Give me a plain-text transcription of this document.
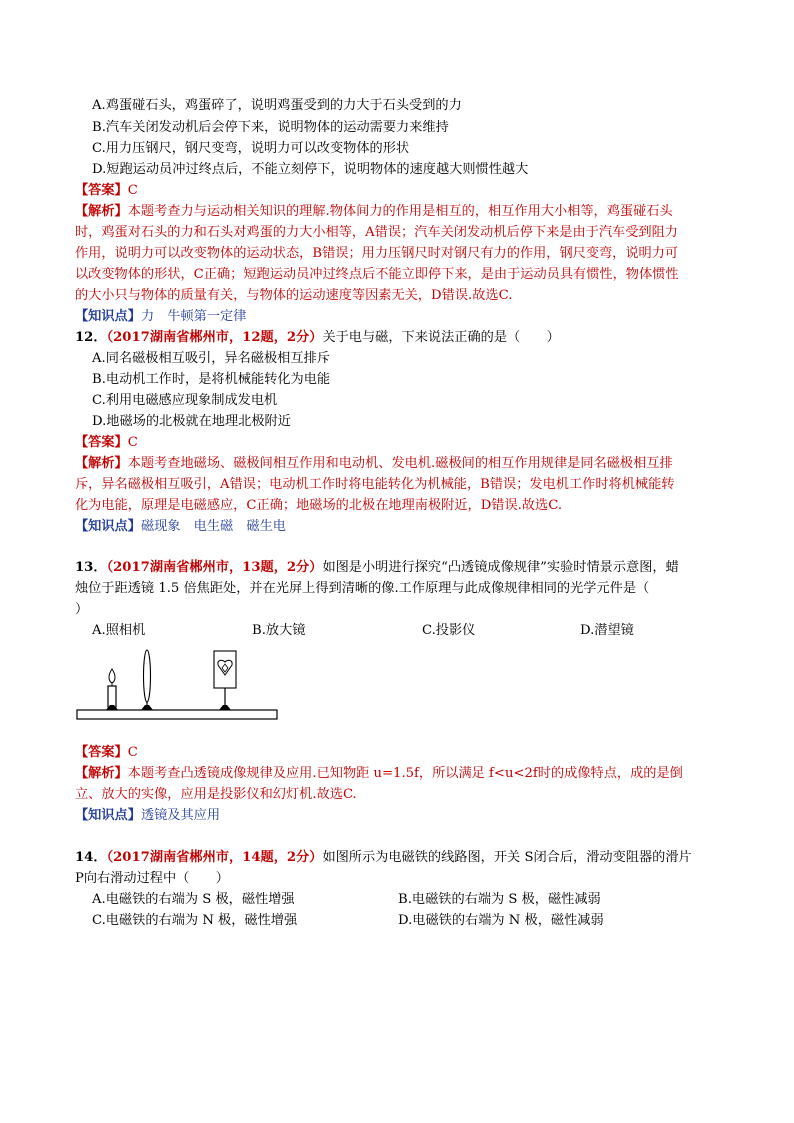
A.鸡蛋碰石头，鸡蛋碎了，说明鸡蛋受到的力大于石头受到的力
B.汽车关闭发动机后会停下来，说明物体的运动需要力来维持
C.用力压钢尺，钢尺变弯，说明力可以改变物体的形状
D.短跑运动员冲过终点后，不能立刻停下，说明物体的速度越大则惯性越大
【答案】C
【解析】本题考查力与运动相关知识的理解.物体间力的作用是相互的，相互作用大小相等，鸡蛋碰石头
时，鸡蛋对石头的力和石头对鸡蛋的力大小相等，A错误；汽车关闭发动机后停下来是由于汽车受到阻力
作用，说明力可以改变物体的运动状态，B错误；用力压钢尺时对钢尺有力的作用，钢尺变弯，说明力可
以改变物体的形状，C正确；短跑运动员冲过终点后不能立即停下来，是由于运动员具有惯性，物体惯性
的大小只与物体的质量有关，与物体的运动速度等因素无关，D错误.故选C.
【知识点】力　牛顿第一定律
12．（2017湖南省郴州市，12题，2分）关于电与磁，下来说法正确的是（　　）
A.同名磁极相互吸引，异名磁极相互排斥
B.电动机工作时，是将机械能转化为电能
C.利用电磁感应现象制成发电机
D.地磁场的北极就在地理北极附近
【答案】C
【解析】本题考查地磁场、磁极间相互作用和电动机、发电机.磁极间的相互作用规律是同名磁极相互排
斥，异名磁极相互吸引，A错误；电动机工作时将电能转化为机械能，B错误；发电机工作时将机械能转
化为电能，原理是电磁感应，C正确；地磁场的北极在地理南极附近，D错误.故选C.
【知识点】磁现象　电生磁　磁生电
13．（2017湖南省郴州市，13题，2分）如图是小明进行探究“凸透镜成像规律”实验时情景示意图，蜡
烛位于距透镜 1.5 倍焦距处，并在光屏上得到清晰的像.工作原理与此成像规律相同的光学元件是（
）
A.照相机	B.放大镜	C.投影仪	D.潜望镜
【答案】C
【解析】本题考查凸透镜成像规律及应用.已知物距 u=1.5f，所以满足 f<u<2f时的成像特点，成的是倒
立、放大的实像，应用是投影仪和幻灯机.故选C.
【知识点】透镜及其应用
14．（2017湖南省郴州市，14题，2分）如图所示为电磁铁的线路图，开关 S闭合后，滑动变阻器的滑片
P向右滑动过程中（　　）
A.电磁铁的右端为 S 极，磁性增强	B.电磁铁的右端为 S 极，磁性减弱
C.电磁铁的右端为 N 极，磁性增强	D.电磁铁的右端为 N 极，磁性减弱
